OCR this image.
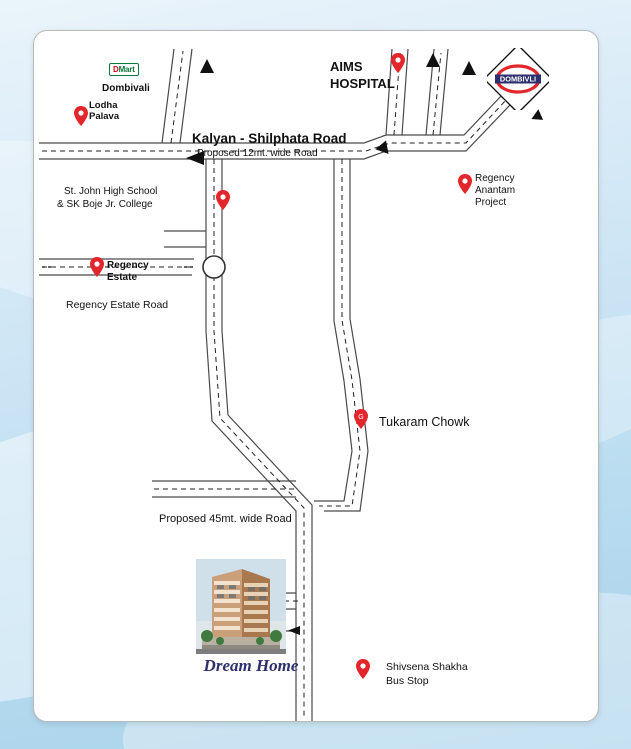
G
DOMBIVLI
DMart
Dombivali
Lodha
Palava
AIMS
HOSPITAL
Kalyan - Shilphata Road
Proposed 12mt. wide Road
St. John High School
& SK Boje Jr. College
Regency
Estate
Regency Estate Road
Regency
Anantam
Project
Tukaram Chowk
Proposed 45mt. wide Road
Shivsena Shakha
Bus Stop
Dream Home
